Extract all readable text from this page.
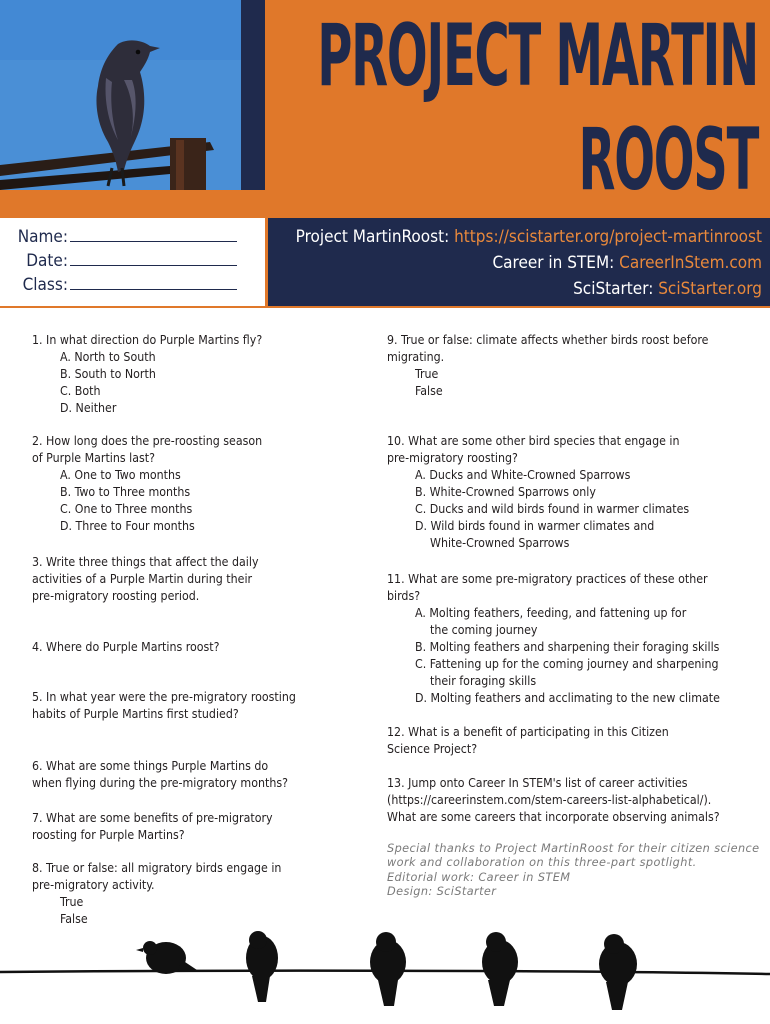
PROJECT MARTIN
ROOST
Name:
Date:
Class:
Project MartinRoost: https://scistarter.org/project-martinroost
Career in STEM: CareerInStem.com
SciStarter: SciStarter.org
1. In what direction do Purple Martins fly?
A. North to South
B. South to North
C. Both
D. Neither
2. How long does the pre-roosting season
of Purple Martins last?
A. One to Two months
B. Two to Three months
C. One to Three months
D. Three to Four months
3. Write three things that affect the daily
activities of a Purple Martin during their
pre-migratory roosting period.
4. Where do Purple Martins roost?
5. In what year were the pre-migratory roosting
habits of Purple Martins first studied?
6. What are some things Purple Martins do
when flying during the pre-migratory months?
7. What are some benefits of pre-migratory
roosting for Purple Martins?
8. True or false: all migratory birds engage in
pre-migratory activity.
True
False
9. True or false: climate affects whether birds roost before
migrating.
True
False
10. What are some other bird species that engage in
pre-migratory roosting?
A. Ducks and White-Crowned Sparrows
B. White-Crowned Sparrows only
C. Ducks and wild birds found in warmer climates
D. Wild birds found in warmer climates and
White-Crowned Sparrows
11. What are some pre-migratory practices of these other
birds?
A. Molting feathers, feeding, and fattening up for
the coming journey
B. Molting feathers and sharpening their foraging skills
C. Fattening up for the coming journey and sharpening
their foraging skills
D. Molting feathers and acclimating to the new climate
12. What is a benefit of participating in this Citizen
Science Project?
13. Jump onto Career In STEM's list of career activities
(https://careerinstem.com/stem-careers-list-alphabetical/).
What are some careers that incorporate observing animals?
Special thanks to Project MartinRoost for their citizen science
work and collaboration on this three-part spotlight.
Editorial work: Career in STEM
Design: SciStarter
